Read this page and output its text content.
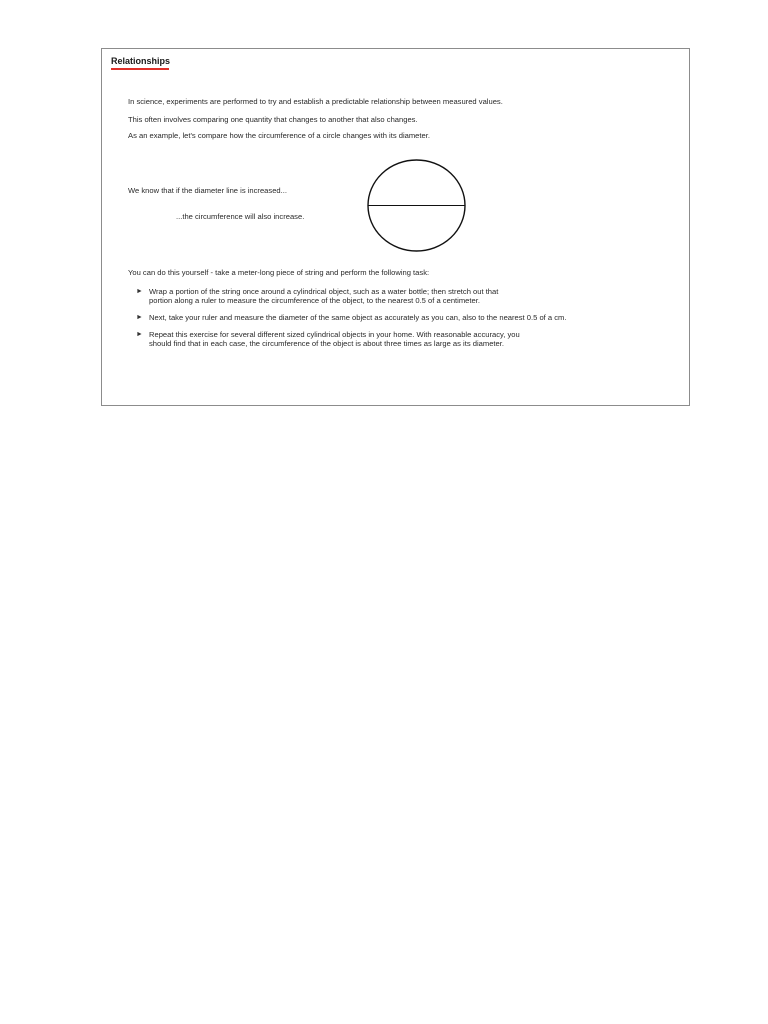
Relationships
In science, experiments are performed to try and establish a predictable relationship between measured values.
This often involves comparing one quantity that changes to another that also changes.
As an example, let's compare how the circumference of a circle changes with its diameter.
We know that if the diameter line is increased...
...the circumference will also increase.
You can do this yourself - take a meter-long piece of string and perform the following task:
► Wrap a portion of the string once around a cylindrical object, such as a water bottle; then stretch out that
portion along a ruler to measure the circumference of the object, to the nearest 0.5 of a centimeter.
► Next, take your ruler and measure the diameter of the same object as accurately as you can, also to the nearest 0.5 of a cm.
► Repeat this exercise for several different sized cylindrical objects in your home. With reasonable accuracy, you
should find that in each case, the circumference of the object is about three times as large as its diameter.
